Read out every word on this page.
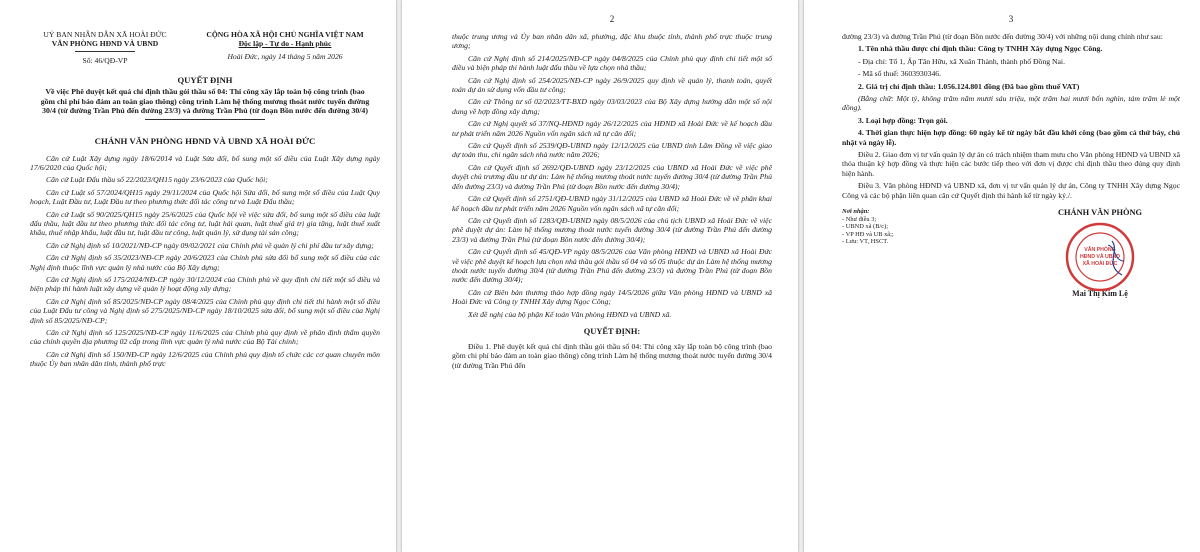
UỶ BAN NHÂN DÂN XÃ HOÀI ĐỨC
VĂN PHÒNG HĐND VÀ UBND
Số: 46/QĐ-VP
CỘNG HÒA XÃ HỘI CHỦ NGHĨA VIỆT NAM
Độc lập - Tự do - Hạnh phúc
Hoài Đức, ngày 14 tháng 5 năm 2026
QUYẾT ĐỊNH
Về việc Phê duyệt kết quả chỉ định thầu gói thầu số 04: Thi công xây lắp toàn bộ công trình (bao gồm chi phí bảo đảm an toàn giao thông) công trình Làm hệ thống mương thoát nước tuyến đường 30/4 (từ đường Trần Phú đến đường 23/3) và đường Trần Phú (từ đoạn Bồn nước đến đường 30/4)
CHÁNH VĂN PHÒNG HĐND VÀ UBND XÃ HOÀI ĐỨC

Căn cứ Luật Xây dựng ngày 18/6/2014 và Luật Sửa đổi, bổ sung một số điều của Luật Xây dựng ngày 17/6/2020 của Quốc hội;

Căn cứ Luật Đấu thầu số 22/2023/QH15 ngày 23/6/2023 của Quốc hội;

Căn cứ Luật số 57/2024/QH15 ngày 29/11/2024 của Quốc hội Sửa đổi, bổ sung một số điều của Luật Quy hoạch, Luật Đầu tư, Luật Đầu tư theo phương thức đối tác công tư và Luật Đấu thầu;

Căn cứ Luật số 90/2025/QH15 ngày 25/6/2025 của Quốc hội về việc sửa đổi, bổ sung một số điều của luật đấu thầu, luật đầu tư theo phương thức đối tác công tư, luật hải quan, luật thuế giá trị gia tăng, luật thuế xuất khẩu, thuế nhập khẩu, luật đầu tư, luật đầu tư công, luật quản lý, sử dụng tài sản công;

Căn cứ Nghị định số 10/2021/NĐ-CP ngày 09/02/2021 của Chính phủ về quản lý chi phí đầu tư xây dựng;

Căn cứ Nghị định số 35/2023/NĐ-CP ngày 20/6/2023 của Chính phủ sửa đổi bổ sung một số điều của các Nghị định thuộc lĩnh vực quản lý nhà nước của Bộ Xây dựng;

Căn cứ Nghị định số 175/2024/NĐ-CP ngày 30/12/2024 của Chính phủ về quy định chi tiết một số điều và biện pháp thi hành luật xây dựng về quản lý hoạt động xây dựng;

Căn cứ Nghị định số 85/2025/NĐ-CP ngày 08/4/2025 của Chính phủ quy định chi tiết thi hành một số điều của Luật Đấu tư công và Nghị định số 275/2025/NĐ-CP ngày 18/10/2025 sửa đổi, bổ sung một số điều của Nghị định số 85/2025/NĐ-CP;

Căn cứ Nghị định số 125/2025/NĐ-CP ngày 11/6/2025 của Chính phủ quy định về phân định thẩm quyền của chính quyền địa phương 02 cấp trong lĩnh vực quản lý nhà nước của Bộ Tài chính;

Căn cứ Nghị định số 150/NĐ-CP ngày 12/6/2025 của Chính phủ quy định tổ chức các cơ quan chuyên môn thuộc Ủy ban nhân dân tỉnh, thành phố trực

2

thuộc trung ương và Ủy ban nhân dân xã, phường, đặc khu thuộc tỉnh, thành phố trực thuộc trung ương;

Căn cứ Nghị định số 214/2025/NĐ-CP ngày 04/8/2025 của Chính phủ quy định chi tiết một số điều và biện pháp thi hành luật đấu thầu về lựa chọn nhà thầu;

Căn cứ Nghị định số 254/2025/NĐ-CP ngày 26/9/2025 quy định về quản lý, thanh toán, quyết toán dự án sử dụng vốn đầu tư công;

Căn cứ Thông tư số 02/2023/TT-BXD ngày 03/03/2023 của Bộ Xây dựng hướng dẫn một số nội dung về hợp đồng xây dựng;

Căn cứ Nghị quyết số 37/NQ-HĐND ngày 26/12/2025 của HĐND xã Hoài Đức về kế hoạch đầu tư phát triển năm 2026 Nguồn vốn ngân sách xã tự cân đối;

Căn cứ Quyết định số 2539/QĐ-UBND ngày 12/12/2025 của UBND tỉnh Lâm Đồng về việc giao dự toán thu, chi ngân sách nhà nước năm 2026;

Căn cứ Quyết định số 2692/QĐ-UBND ngày 23/12/2025 của UBND xã Hoài Đức về việc phê duyệt chủ trương đầu tư dự án: Làm hệ thống mương thoát nước tuyến đường 30/4 (từ đường Trần Phú đến đường 23/3) và đường Trần Phú (từ đoạn Bồn nước đến đường 30/4);

Căn cứ Quyết định số 2751/QĐ-UBND ngày 31/12/2025 của UBND xã Hoài Đức về về phân khai kế hoạch đầu tư phát triển năm 2026 Nguồn vốn ngân sách xã tự cân đối;

Căn cứ Quyết định số 1283/QĐ-UBND ngày 08/5/2026 của chủ tịch UBND xã Hoài Đức về việc phê duyệt dự án: Làm hệ thống mương thoát nước tuyến đường 30/4 (từ đường Trần Phú đến đường 23/3) và đường Trần Phú (từ đoạn Bồn nước đến đường 30/4);

Căn cứ Quyết định số 45/QĐ-VP ngày 08/5/2026 của Văn phòng HĐND và UBND xã Hoài Đức về việc phê duyệt kế hoạch lựa chọn nhà thầu gói thầu số 04 và số 05 thuộc dự án Làm hệ thống mương thoát nước tuyến đường 30/4 (từ đường Trần Phú đến đường 23/3) và đường Trần Phú (từ đoạn Bồn nước đến đường 30/4);

Căn cứ Biên bản thương thảo hợp đồng ngày 14/5/2026 giữa Văn phòng HĐND và UBND xã Hoài Đức và Công ty TNHH Xây dựng Ngọc Công;

Xét đề nghị của bộ phận Kế toán Văn phòng HĐND và UBND xã.

QUYẾT ĐỊNH:

Điều 1. Phê duyệt kết quả chỉ định thầu gói thầu số 04: Thi công xây lắp toàn bộ công trình (bao gồm chi phí bảo đảm an toàn giao thông) công trình Làm hệ thống mương thoát nước tuyến đường 30/4 (từ đường Trần Phú đến

3

đường 23/3) và đường Trần Phú (từ đoạn Bồn nước đến đường 30/4) với những nội dung chính như sau:

1. Tên nhà thầu được chỉ định thầu: Công ty TNHH Xây dựng Ngọc Công.

- Địa chỉ: Tổ 1, Ấp Tân Hữu, xã Xuân Thành, thành phố Đồng Nai.

- Mã số thuế: 3603930346.

2. Giá trị chỉ định thầu: 1.056.124.801 đồng (Đã bao gồm thuế VAT)

(Bằng chữ: Một tỷ, không trăm năm mươi sáu triệu, một trăm hai mươi bốn nghìn, tám trăm lẻ một đồng).

3. Loại hợp đồng: Trọn gói.

4. Thời gian thực hiện hợp đồng: 60 ngày kể từ ngày bắt đầu khởi công (bao gồm cả thứ bảy, chủ nhật và ngày lễ).

Điều 2. Giao đơn vị tư vấn quản lý dự án có trách nhiệm tham mưu cho Văn phòng HĐND và UBND xã thỏa thuận ký hợp đồng và thực hiện các bước tiếp theo với đơn vị được chỉ định thầu theo đúng quy định hiện hành.

Điều 3. Văn phòng HĐND và UBND xã, đơn vị tư vấn quản lý dự án, Công ty TNHH Xây dựng Ngọc Công và các bộ phận liên quan căn cứ Quyết định thi hành kể từ ngày ký./.

Nơi nhận:
- Như điều 3;
- UBND xã (B/c);
- VP HĐ và UB xã;;
- Lưu: VT, HSCT.
CHÁNH VĂN PHÒNG
VĂN PHÒNG
HĐND VÀ UBND
XÃ HOÀI ĐỨC
Mai Thị Kim Lệ
